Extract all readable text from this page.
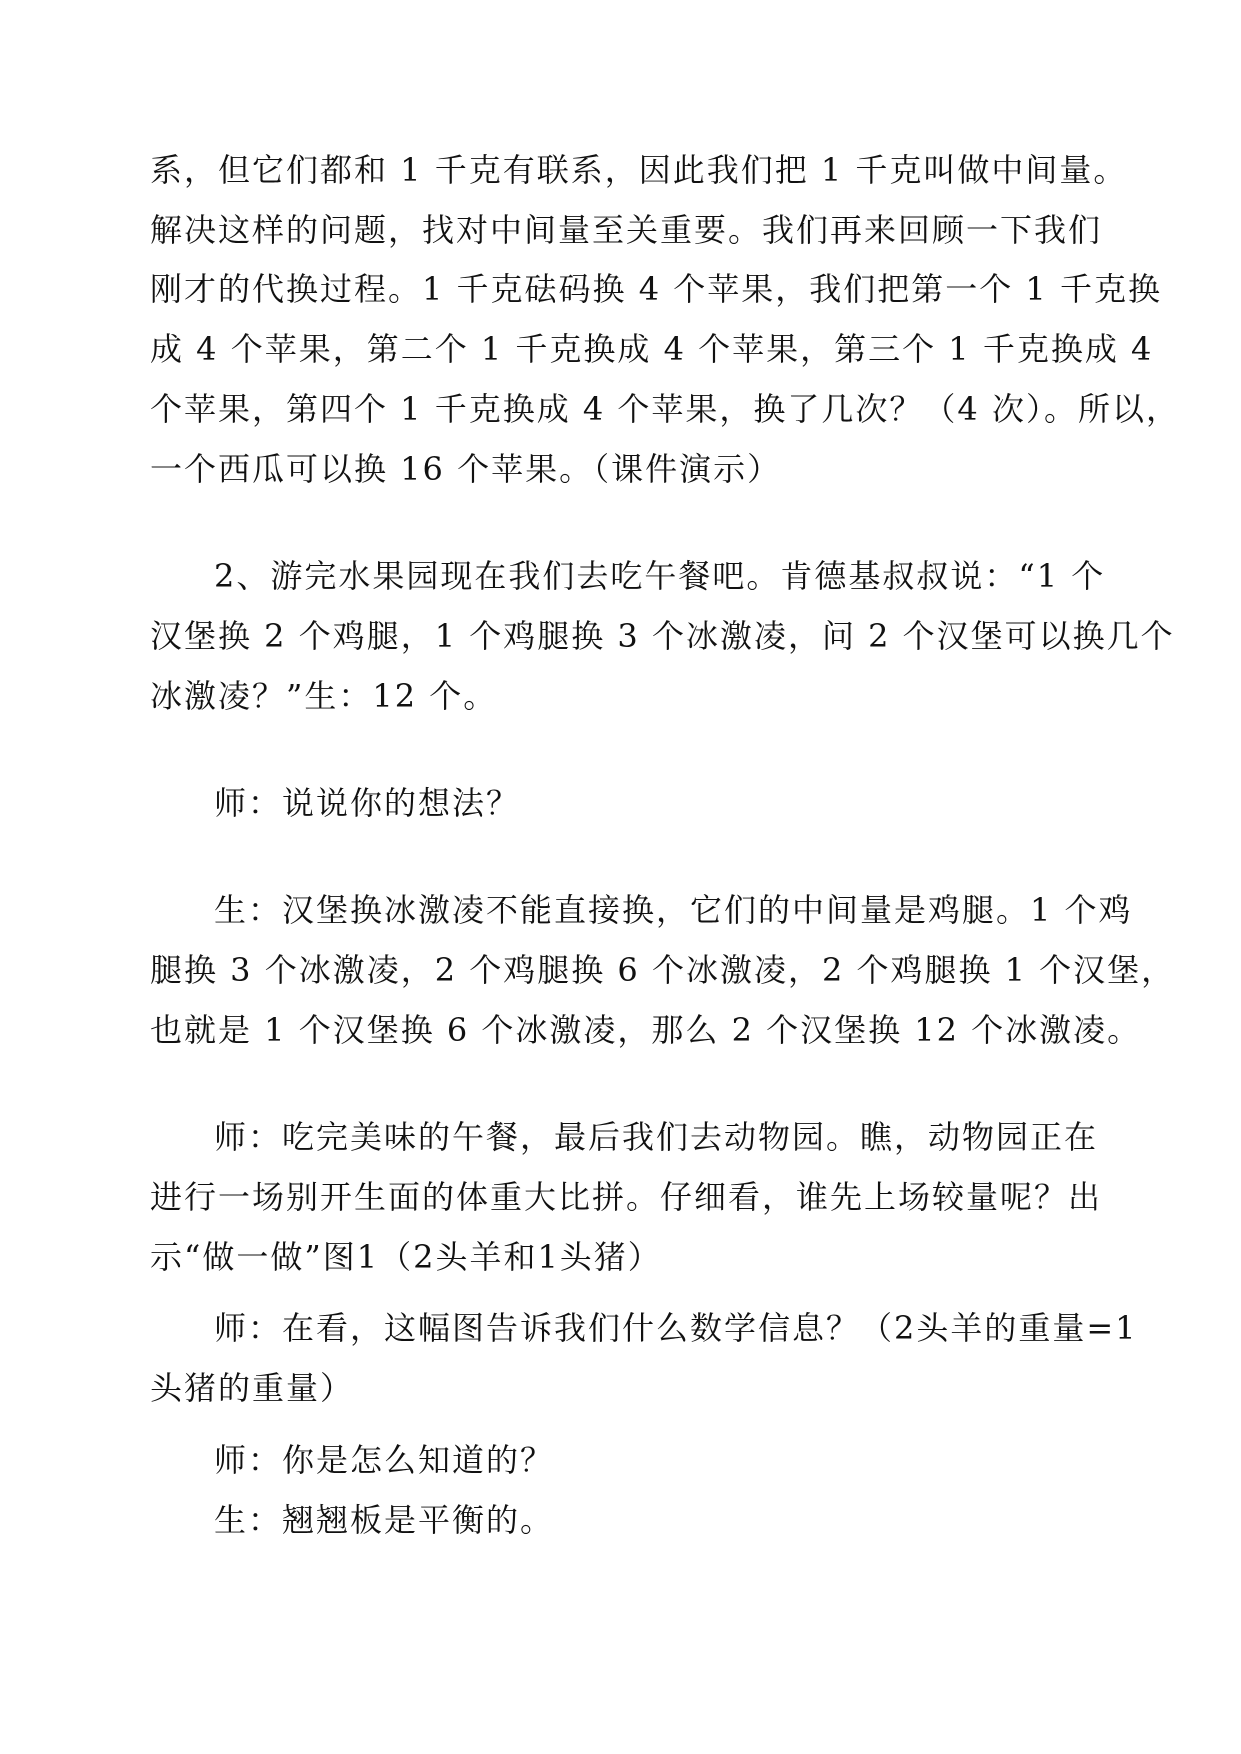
系，但它们都和 1 千克有联系，因此我们把 1 千克叫做中间量。
解决这样的问题，找对中间量至关重要。我们再来回顾一下我们
刚才的代换过程。1 千克砝码换 4 个苹果，我们把第一个 1 千克换
成 4 个苹果，第二个 1 千克换成 4 个苹果，第三个 1 千克换成 4
个苹果，第四个 1 千克换成 4 个苹果，换了几次？（4 次）。所以，
一个西瓜可以换 16 个苹果。（课件演示）
2、游完水果园现在我们去吃午餐吧。肯德基叔叔说：“1 个
汉堡换 2 个鸡腿，1 个鸡腿换 3 个冰激凌，问 2 个汉堡可以换几个
冰激凌？”生：12 个。
师：说说你的想法？
生：汉堡换冰激凌不能直接换，它们的中间量是鸡腿。1 个鸡
腿换 3 个冰激凌，2 个鸡腿换 6 个冰激凌，2 个鸡腿换 1 个汉堡，
也就是 1 个汉堡换 6 个冰激凌，那么 2 个汉堡换 12 个冰激凌。
师：吃完美味的午餐，最后我们去动物园。瞧，动物园正在
进行一场别开生面的体重大比拼。仔细看，谁先上场较量呢？出
示“做一做”图1（2头羊和1头猪）
师：在看，这幅图告诉我们什么数学信息？（2头羊的重量=1
头猪的重量）
师：你是怎么知道的？
生：翘翘板是平衡的。
